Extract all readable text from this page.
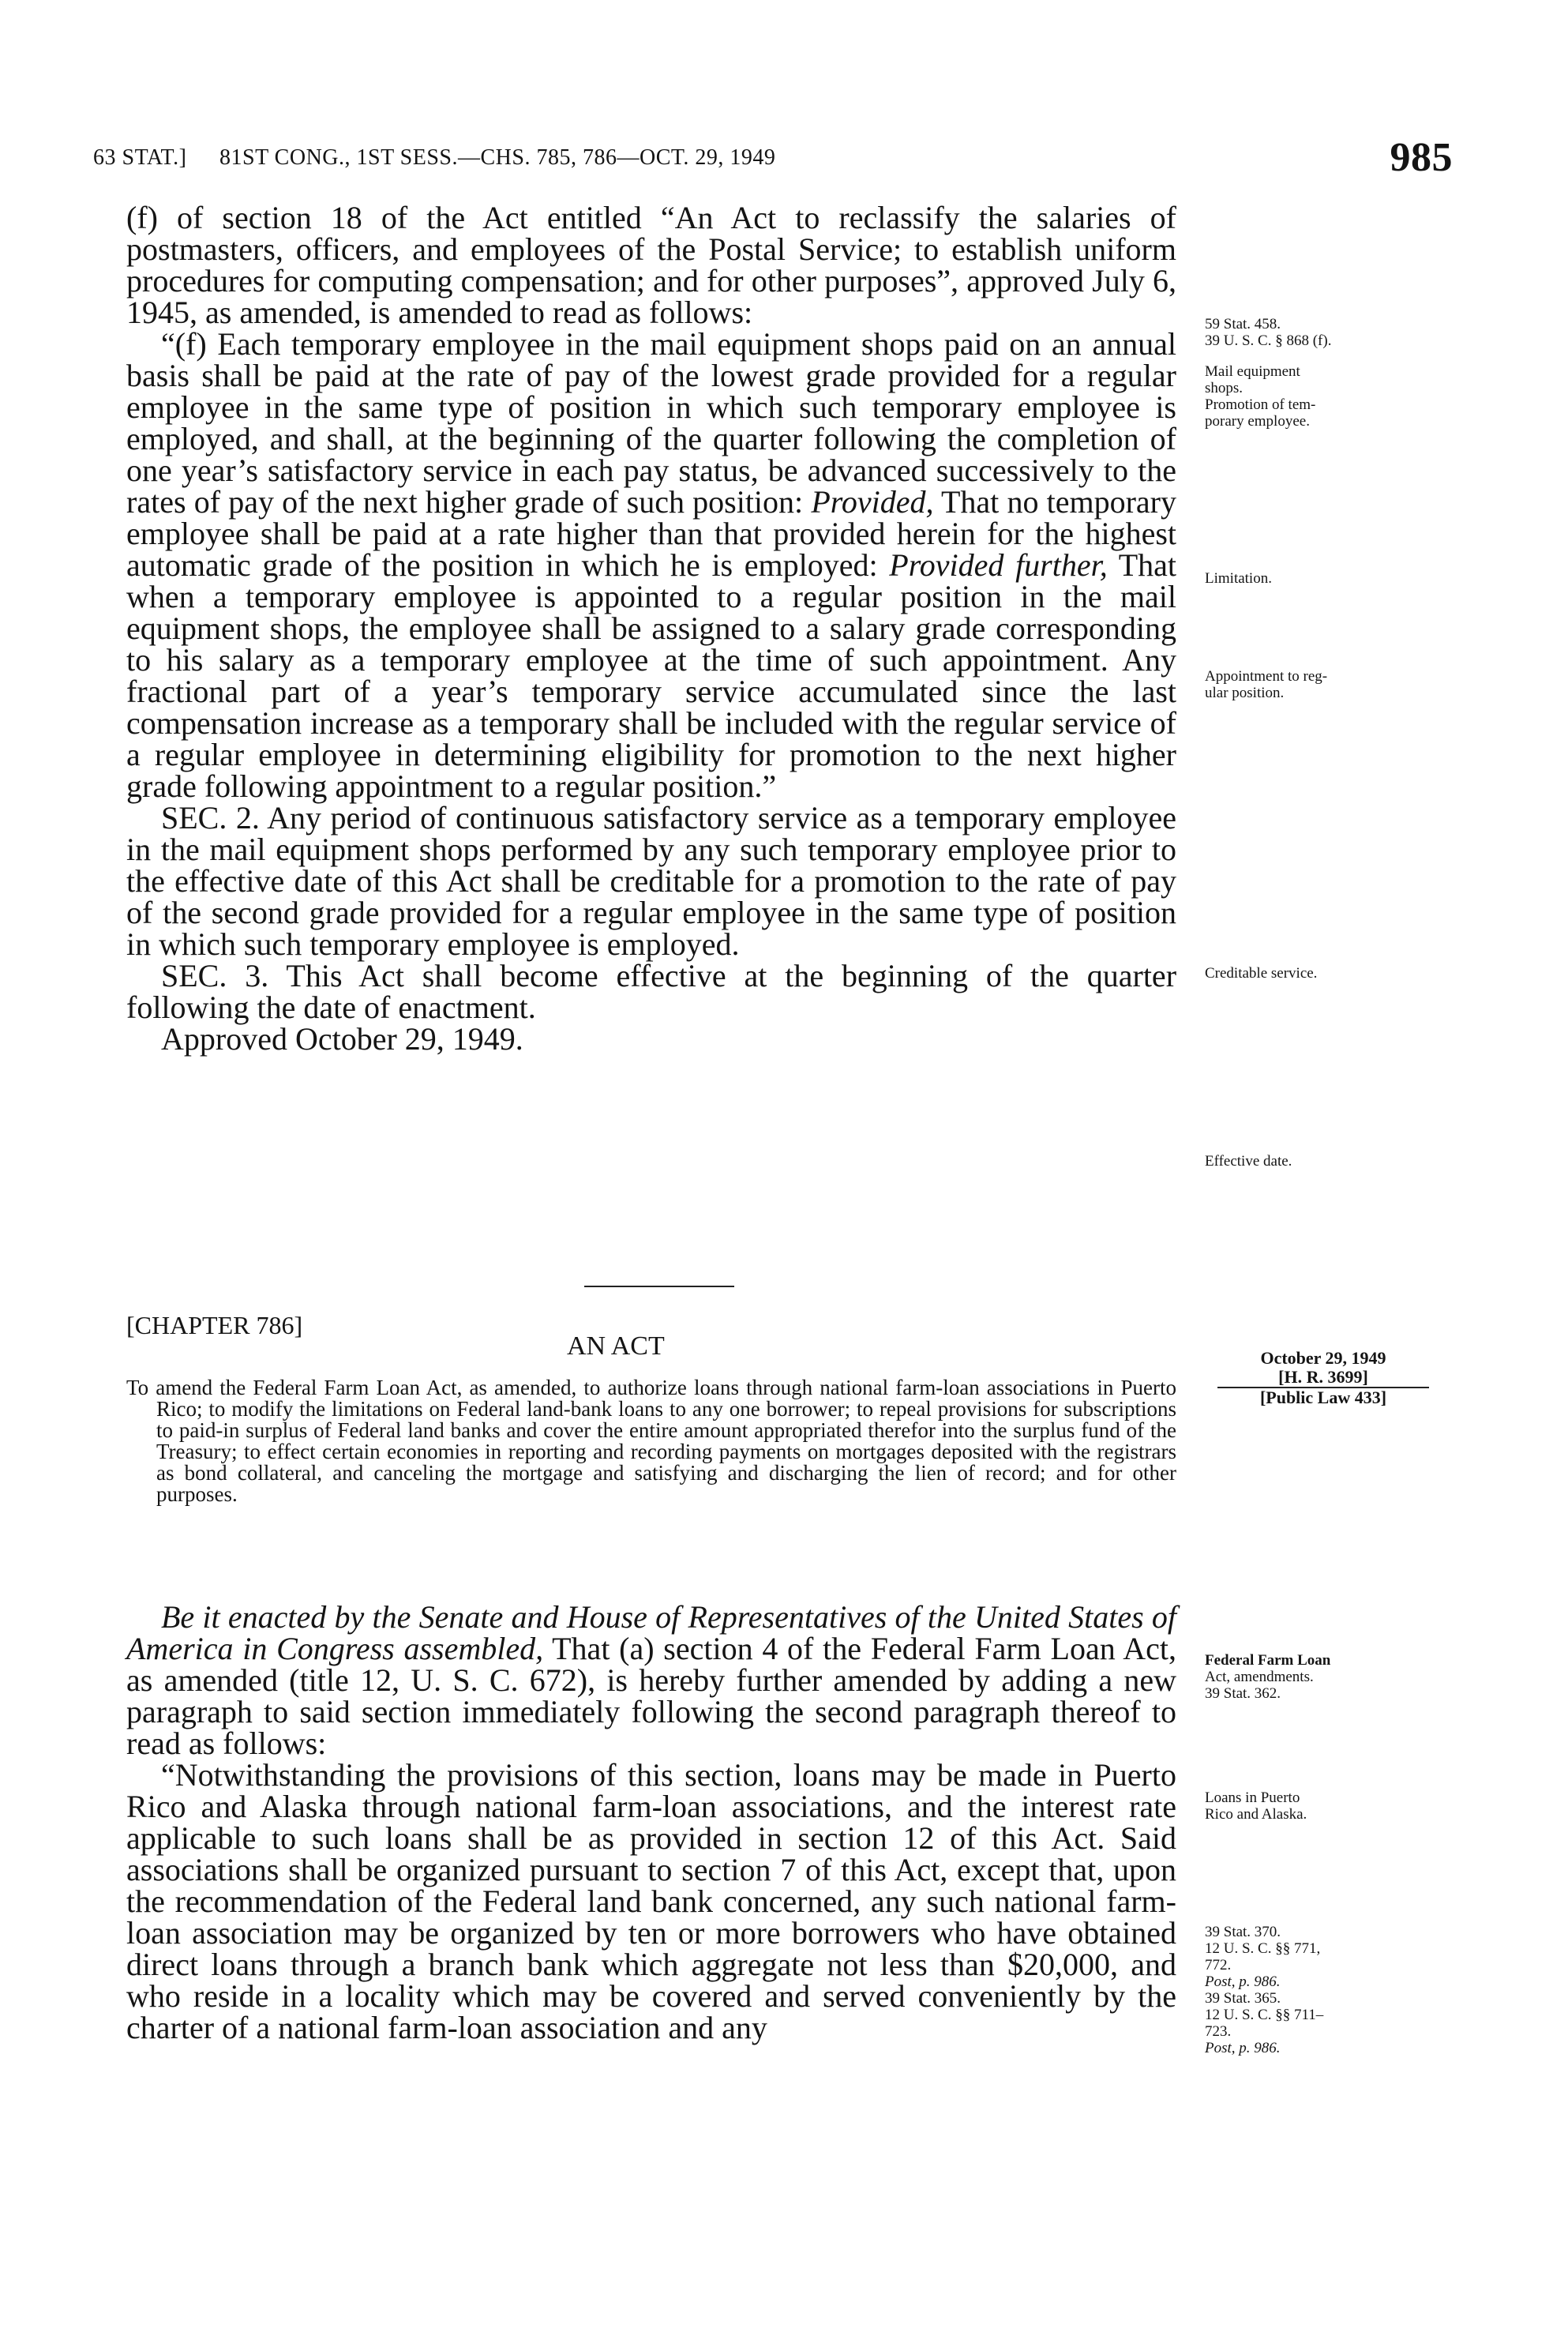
63 STAT.] 81ST CONG., 1ST SESS.—CHS. 785, 786—OCT. 29, 1949	985

(f) of section 18 of the Act entitled “An Act to reclassify the salaries of postmasters, officers, and employees of the Postal Service; to establish uniform procedures for computing compensation; and for other purposes”, approved July 6, 1945, as amended, is amended to read as follows:

“(f) Each temporary employee in the mail equipment shops paid on an annual basis shall be paid at the rate of pay of the lowest grade provided for a regular employee in the same type of position in which such temporary employee is employed, and shall, at the beginning of the quarter following the completion of one year’s satisfactory service in each pay status, be advanced successively to the rates of pay of the next higher grade of such position: Provided, That no temporary employee shall be paid at a rate higher than that provided herein for the highest automatic grade of the position in which he is employed: Provided further, That when a temporary employee is appointed to a regular position in the mail equipment shops, the employee shall be assigned to a salary grade corresponding to his salary as a temporary employee at the time of such appointment. Any fractional part of a year’s temporary service accumulated since the last compensation increase as a temporary shall be included with the regular service of a regular employee in determining eligibility for promotion to the next higher grade following appointment to a regular position.”

SEC. 2. Any period of continuous satisfactory service as a temporary employee in the mail equipment shops performed by any such temporary employee prior to the effective date of this Act shall be creditable for a promotion to the rate of pay of the second grade provided for a regular employee in the same type of position in which such temporary employee is employed.

SEC. 3. This Act shall become effective at the beginning of the quarter following the date of enactment.

Approved October 29, 1949.

59 Stat. 458.
39 U. S. C. § 868 (f).
Mail equipment
shops.
Promotion of tem-
porary employee.
Limitation.
Appointment to reg-
ular position.
Creditable service.
Effective date.
[CHAPTER 786]
AN ACT	October 29, 1949
[H. R. 3699]
[Public Law 433]
To amend the Federal Farm Loan Act, as amended, to authorize loans through national farm-loan associations in Puerto Rico; to modify the limitations on Federal land-bank loans to any one borrower; to repeal provisions for subscriptions to paid-in surplus of Federal land banks and cover the entire amount appropriated therefor into the surplus fund of the Treasury; to effect certain economies in reporting and recording payments on mortgages deposited with the registrars as bond collateral, and canceling the mortgage and satisfying and discharging the lien of record; and for other purposes.

Be it enacted by the Senate and House of Representatives of the United States of America in Congress assembled, That (a) section 4 of the Federal Farm Loan Act, as amended (title 12, U. S. C. 672), is hereby further amended by adding a new paragraph to said section immediately following the second paragraph thereof to read as follows:

“Notwithstanding the provisions of this section, loans may be made in Puerto Rico and Alaska through national farm-loan associations, and the interest rate applicable to such loans shall be as provided in section 12 of this Act. Said associations shall be organized pursuant to section 7 of this Act, except that, upon the recommendation of the Federal land bank concerned, any such national farm-loan association may be organized by ten or more borrowers who have obtained direct loans through a branch bank which aggregate not less than $20,000, and who reside in a locality which may be covered and served conveniently by the charter of a national farm-loan association and any

Federal Farm Loan
Act, amendments.
39 Stat. 362.
Loans in Puerto
Rico and Alaska.
39 Stat. 370.
12 U. S. C. §§ 771,
772.
Post, p. 986.
39 Stat. 365.
12 U. S. C. §§ 711–
723.
Post, p. 986.
